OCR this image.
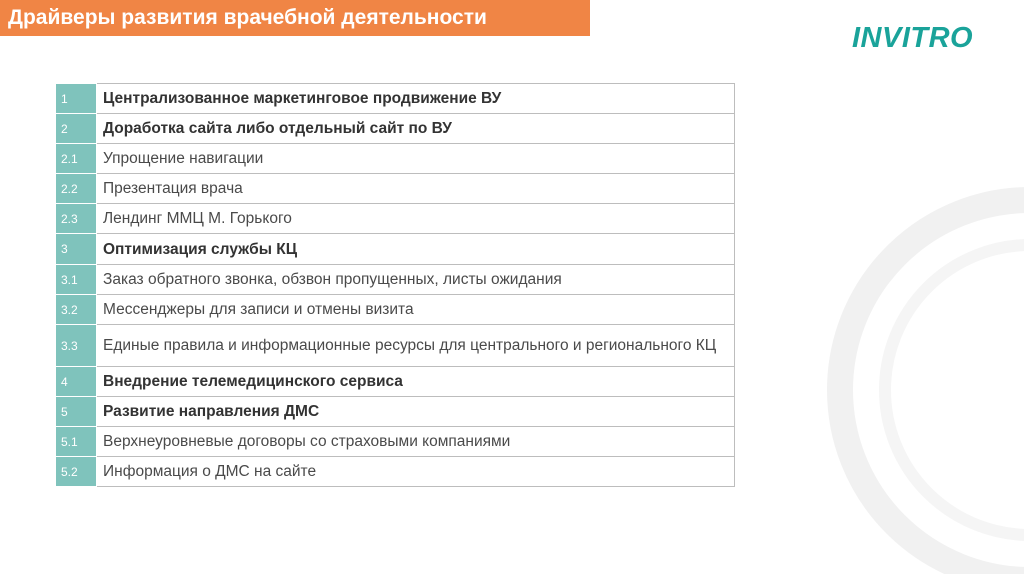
Драйверы развития врачебной деятельности
INVITRO
1	Централизованное маркетинговое продвижение ВУ
2	Доработка сайта либо отдельный сайт по ВУ
2.1	Упрощение навигации
2.2	Презентация врача
2.3	Лендинг ММЦ М. Горького
3	Оптимизация службы КЦ
3.1	Заказ обратного звонка, обзвон пропущенных, листы ожидания
3.2	Мессенджеры для записи и отмены визита
3.3	Единые правила и информационные ресурсы для центрального и регионального КЦ
4	Внедрение телемедицинского сервиса
5	Развитие направления ДМС
5.1	Верхнеуровневые договоры со страховыми компаниями
5.2	Информация о ДМС на сайте
